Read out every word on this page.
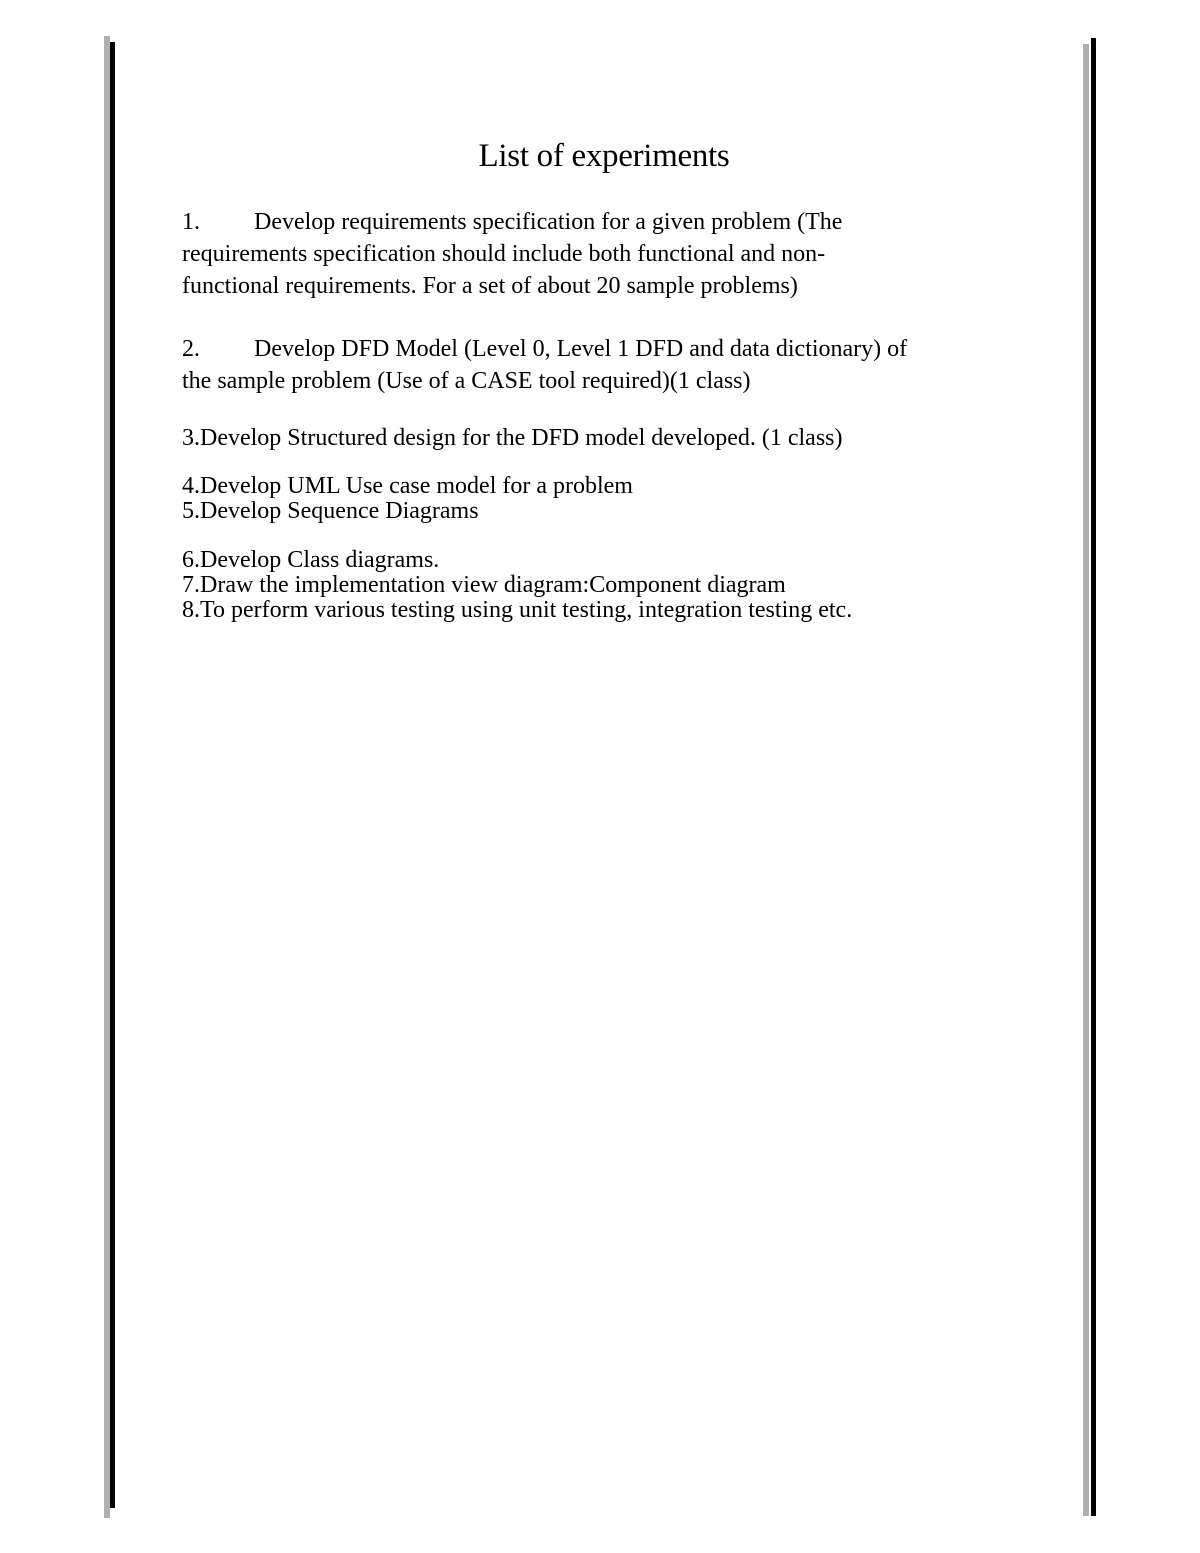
List of experiments
1. Develop requirements specification for a given problem (The
requirements specification should include both functional and non-
functional requirements. For a set of about 20 sample problems)
2. Develop DFD Model (Level 0, Level 1 DFD and data dictionary) of
the sample problem (Use of a CASE tool required)(1 class)
3.Develop Structured design for the DFD model developed. (1 class)
4.Develop UML Use case model for a problem
5.Develop Sequence Diagrams
6.Develop Class diagrams.
7.Draw the implementation view diagram:Component diagram
8.To perform various testing using unit testing, integration testing etc.
